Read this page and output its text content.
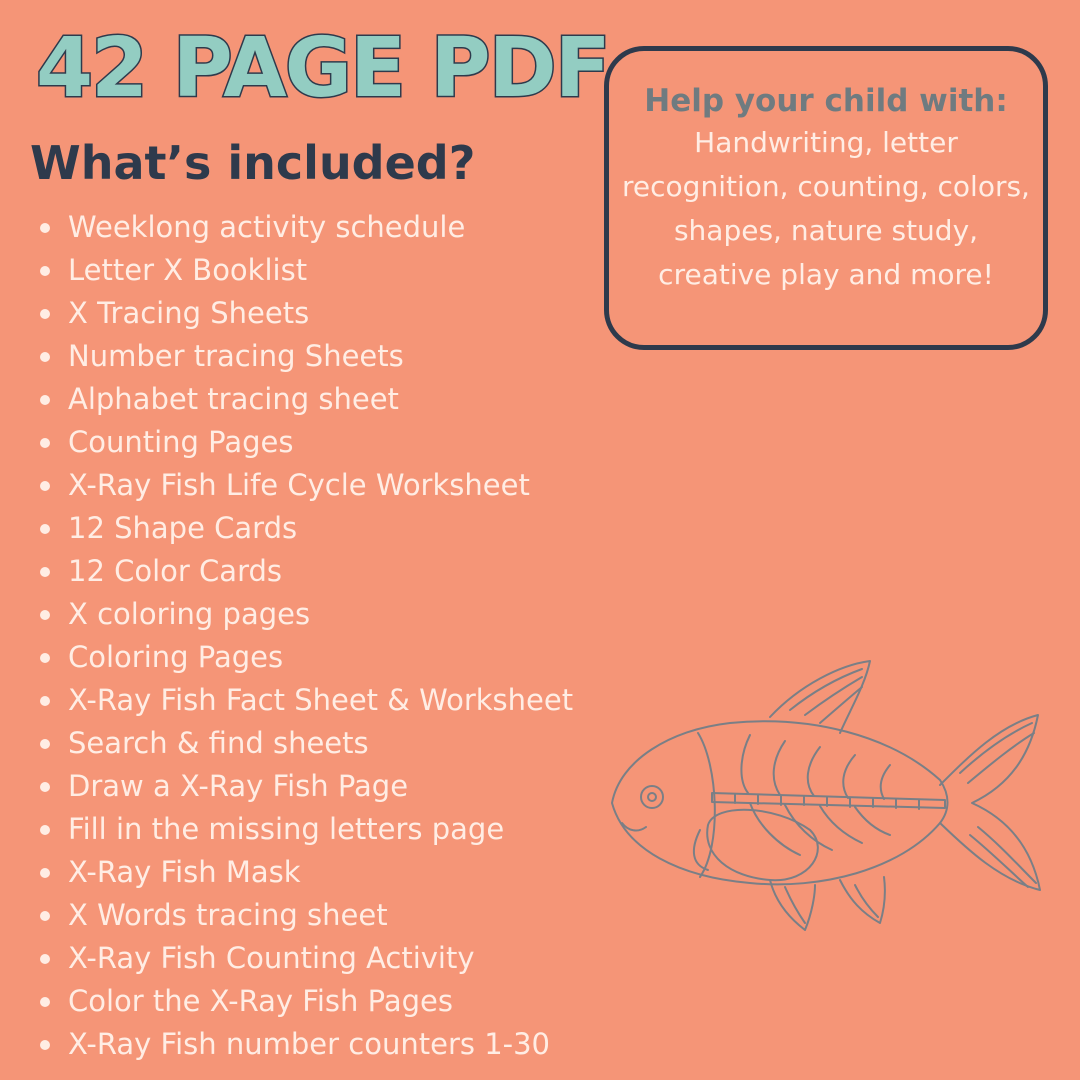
42 PAGE PDF
What’s included?
Weeklong activity schedule
Letter X Booklist
X Tracing Sheets
Number tracing Sheets
Alphabet tracing sheet
Counting Pages
X-Ray Fish Life Cycle Worksheet
12 Shape Cards
12 Color Cards
X coloring pages
Coloring Pages
X-Ray Fish Fact Sheet & Worksheet
Search & find sheets
Draw a X-Ray Fish Page
Fill in the missing letters page
X-Ray Fish Mask
X Words tracing sheet
X-Ray Fish Counting Activity
Color the X-Ray Fish Pages
X-Ray Fish number counters 1-30
Help your child with:
Handwriting, letter recognition, counting, colors, shapes, nature study, creative play and more!
